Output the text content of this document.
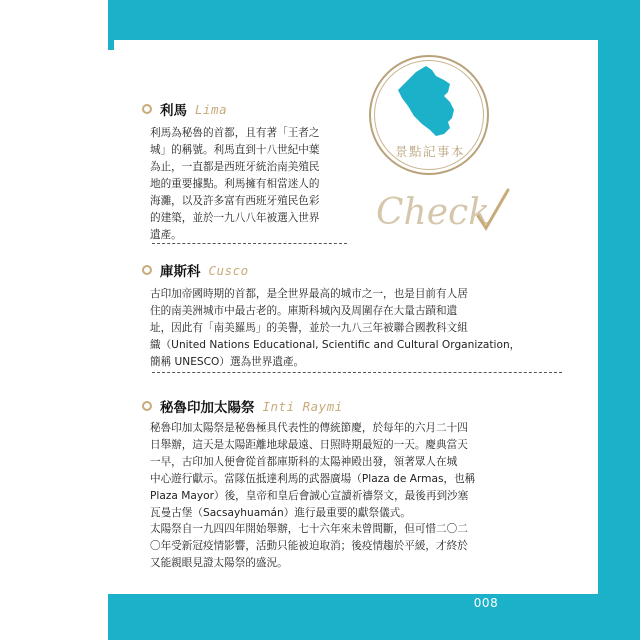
008
景點記事本
Check
利馬 Lima
利馬為秘魯的首都，且有著「王者之
城」的稱號。利馬直到十八世紀中葉
為止，一直都是西班牙統治南美殖民
地的重要據點。利馬擁有相當迷人的
海灘，以及許多富有西班牙殖民色彩
的建築，並於一九八八年被選入世界
遺產。
庫斯科 Cusco
古印加帝國時期的首都，是全世界最高的城市之一，也是目前有人居
住的南美洲城市中最古老的。庫斯科城內及周圍存在大量古蹟和遺
址，因此有「南美羅馬」的美譽，並於一九八三年被聯合國教科文組
織（United Nations Educational, Scientific and Cultural Organization，
簡稱 UNESCO）選為世界遺產。
秘魯印加太陽祭 Inti Raymi
秘魯印加太陽祭是秘魯極具代表性的傳統節慶，於每年的六月二十四
日舉辦，這天是太陽距離地球最遠、日照時期最短的一天。慶典當天
一早，古印加人便會從首都庫斯科的太陽神殿出發，領著眾人在城
中心遊行獻示。當隊伍抵達利馬的武器廣場（Plaza de Armas，也稱
Plaza Mayor）後，皇帝和皇后會誠心宣讀祈禱祭文，最後再到沙塞
瓦曼古堡（Sacsayhuamán）進行最重要的獻祭儀式。
太陽祭自一九四四年開始舉辦，七十六年來未曾間斷，但可惜二〇二
〇年受新冠疫情影響，活動只能被迫取消；後疫情趨於平緩，才終於
又能親眼見證太陽祭的盛況。
